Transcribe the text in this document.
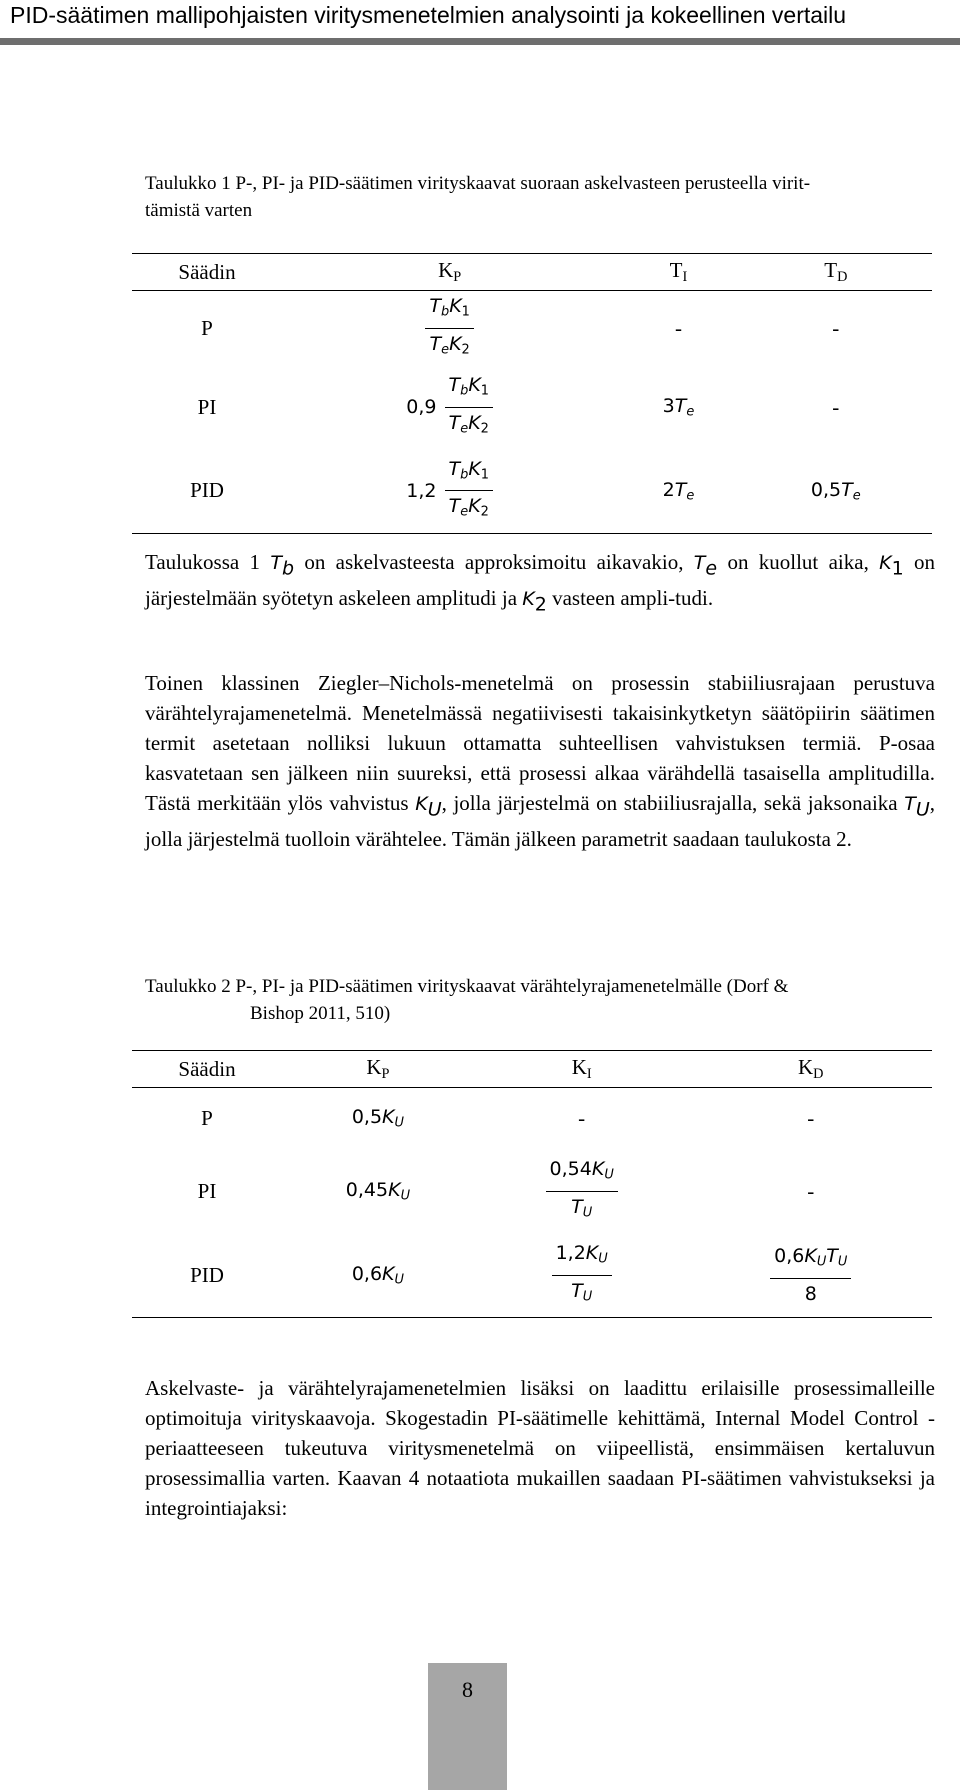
PID-säätimen mallipohjaisten viritysmenetelmien analysointi ja kokeellinen vertailu
Taulukko 1 P-, PI- ja PID-säätimen virityskaavat suoraan askelvasteen perusteella virit-
tämistä varten
Säädin	$K_P$	$T_I$	$T_D$
P	$\frac{T_bK_1}{T_eK_2}$	-	-
PI	$0,9 \frac{T_bK_1}{T_eK_2}$	$3T_e$	-
PID	$1,2 \frac{T_bK_1}{T_eK_2}$	$2T_e$	$0,5T_e$
Taulukossa 1 Tb on askelvasteesta approksimoitu aikavakio, Te on kuollut aika, K1 on järjestelmään syötetyn askeleen amplitudi ja K2 vasteen ampli-tudi.
Toinen klassinen Ziegler–Nichols-menetelmä on prosessin stabiiliusrajaan perustuva värähtelyrajamenetelmä. Menetelmässä negatiivisesti takaisinkytketyn säätöpiirin säätimen termit asetetaan nolliksi lukuun ottamatta suhteellisen vahvistuksen termiä. P-osaa kasvatetaan sen jälkeen niin suureksi, että prosessi alkaa värähdellä tasaisella amplitudilla. Tästä merkitään ylös vahvistus KU, jolla järjestelmä on stabiiliusrajalla, sekä jaksonaika TU, jolla järjestelmä tuolloin värähtelee. Tämän jälkeen parametrit saadaan taulukosta 2.
Taulukko 2 P-, PI- ja PID-säätimen virityskaavat värähtelyrajamenetelmälle (Dorf &
Bishop 2011, 510)
Säädin	$K_P$	$K_I$	$K_D$
P	$0,5K_U$	-	-
PI	$0,45K_U$	$\frac{0,54K_U}{T_U}$	-
PID	$0,6K_U$	$\frac{1,2K_U}{T_U}$	$\frac{0,6K_UT_U}{8}$
Askelvaste- ja värähtelyrajamenetelmien lisäksi on laadittu erilaisille prosessimalleille optimoituja virityskaavoja. Skogestadin PI-säätimelle kehittämä, Internal Model Control -periaatteeseen tukeutuva viritysmenetelmä on viipeellistä, ensimmäisen kertaluvun prosessimallia varten. Kaavan 4 notaatiota mukaillen saadaan PI-säätimen vahvistukseksi ja integrointiajaksi:
8
